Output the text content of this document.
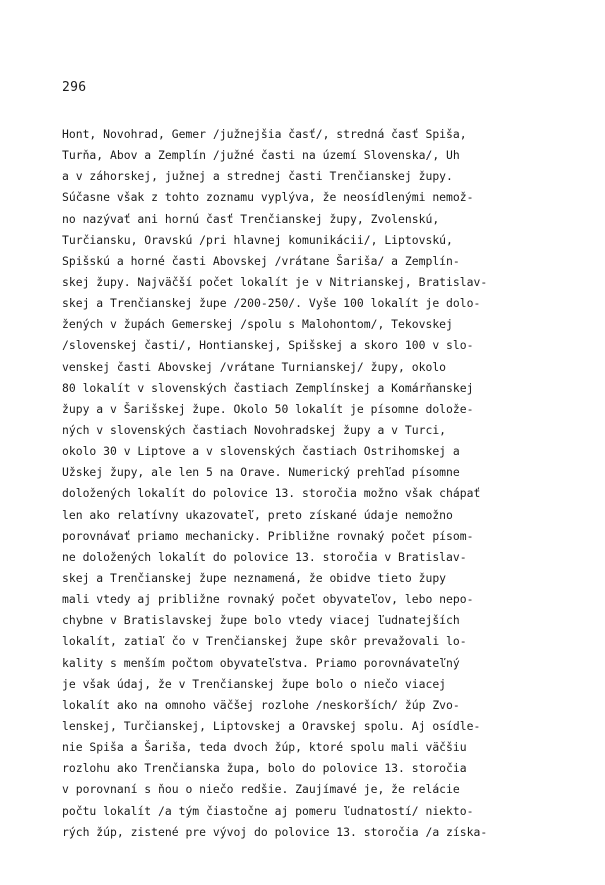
296
Hont, Novohrad, Gemer /južnejšia časť/, stredná časť Spiša,
Turňa, Abov a Zemplín /južné časti na území Slovenska/, Uh
a v záhorskej, južnej a strednej časti Trenčianskej župy.
Súčasne však z tohto zoznamu vyplýva, že neosídlenými nemož-
no nazývať ani hornú časť Trenčianskej župy, Zvolenskú,
Turčiansku, Oravskú /pri hlavnej komunikácii/, Liptovskú,
Spišskú a horné časti Abovskej /vrátane Šariša/ a Zemplín-
skej župy. Najväčší počet lokalít je v Nitrianskej, Bratislav-
skej a Trenčianskej župe /200-250/. Vyše 100 lokalít je dolo-
žených v župách Gemerskej /spolu s Malohontom/, Tekovskej
/slovenskej časti/, Hontianskej, Spišskej a skoro 100 v slo-
venskej časti Abovskej /vrátane Turnianskej/ župy, okolo
80 lokalít v slovenských častiach Zemplínskej a Komárňanskej
župy a v Šarišskej župe. Okolo 50 lokalít je písomne dolože-
ných v slovenských častiach Novohradskej župy a v Turci,
okolo 30 v Liptove a v slovenských častiach Ostrihomskej a
Užskej župy, ale len 5 na Orave. Numerický prehľad písomne
doložených lokalít do polovice 13. storočia možno však chápať
len ako relatívny ukazovateľ, preto získané údaje nemožno
porovnávať priamo mechanicky. Približne rovnaký počet písom-
ne doložených lokalít do polovice 13. storočia v Bratislav-
skej a Trenčianskej župe neznamená, že obidve tieto župy
mali vtedy aj približne rovnaký počet obyvateľov, lebo nepo-
chybne v Bratislavskej župe bolo vtedy viacej ľudnatejších
lokalít, zatiaľ čo v Trenčianskej župe skôr prevažovali lo-
kality s menším počtom obyvateľstva. Priamo porovnávateľný
je však údaj, že v Trenčianskej župe bolo o niečo viacej
lokalít ako na omnoho väčšej rozlohe /neskorších/ žúp Zvo-
lenskej, Turčianskej, Liptovskej a Oravskej spolu. Aj osídle-
nie Spiša a Šariša, teda dvoch žúp, ktoré spolu mali väčšiu
rozlohu ako Trenčianska župa, bolo do polovice 13. storočia
v porovnaní s ňou o niečo redšie. Zaujímavé je, že relácie
počtu lokalít /a tým čiastočne aj pomeru ľudnatostí/ niekto-
rých žúp, zistené pre vývoj do polovice 13. storočia /a získa-
